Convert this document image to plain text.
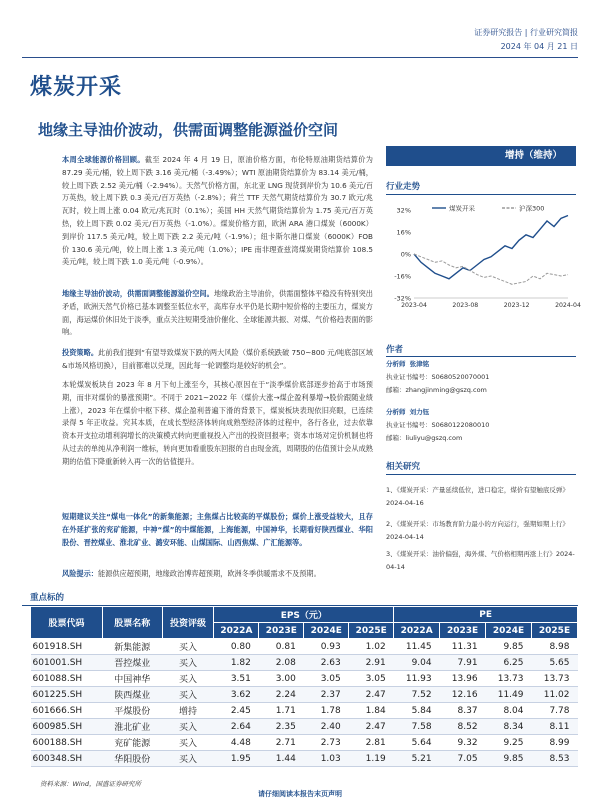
证券研究报告 | 行业研究简报
2024 年 04 月 21 日
煤炭开采
地缘主导油价波动，供需面调整能源溢价空间
本周全球能源价格回顾。截至 2024 年 4 月 19 日，原油价格方面，布伦特原油期货结算价为 87.29 美元/桶，较上周下跌 3.16 美元/桶（-3.49%）；WTI 原油期货结算价为 83.14 美元/桶，较上周下跌 2.52 美元/桶（-2.94%）。天然气价格方面，东北亚 LNG 现货到岸价为 10.6 美元/百万英热，较上周下跌 0.3 美元/百万英热（-2.8%）；荷兰 TTF 天然气期货结算价为 30.7 欧元/兆瓦时，较上周上涨 0.04 欧元/兆瓦时（0.1%）；美国 HH 天然气期货结算价为 1.75 美元/百万英热，较上周下跌 0.02 美元/百万英热（-1.0%）。煤炭价格方面，欧洲 ARA 港口煤炭（6000K）到岸价 117.5 美元/吨，较上周下跌 2.2 美元/吨（-1.9%）；纽卡斯尔港口煤炭（6000K）FOB 价 130.6 美元/吨，较上周上涨 1.3 美元/吨（1.0%）；IPE 南非理查兹湾煤炭期货结算价 108.5 美元/吨，较上周下跌 1.0 美元/吨（-0.9%）。
地缘主导油价波动，供需面调整能源溢价空间。地缘政治主导油价，供需面整体平稳没有特别突出矛盾，欧洲天然气价格已基本调整至低位水平，高库存水平仍是长期中短价格的主要压力，煤炭方面，海运煤价休旧处于淡季，重点关注短期受油价催化、全球能源共振、对煤、气价格趋表面的影响。
投资策略。此前我们提到“有望导致煤炭下跌的两大风险（煤价系统跌破 750~800 元/吨底部区域&市场风格切换），目前都难以兑现，因此每一轮调整均是较好的机会”。
本轮煤炭板块自 2023 年 8 月下旬上涨至今，其核心原因在于“淡季煤价底部逐步抬高于市场预期，而非对煤价的暴涨预期”。不同于 2021~2022 年（煤价大涨→煤企盈利暴增→股价跟随业绩上涨），2023 年在煤价中枢下移、煤企盈利普遍下滑的背景下，煤炭板块表现依旧亮眼，已连续录得 5 年正收益。究其本质，在成长型经济体转向成熟型经济体的过程中，各行各业，过去依靠资本开支拉动增利润增长的决策模式转向更重视投入产出的投资回报率；资本市场对定价机制也将从过去的单纯从净利润一维标，转向更加看重股东回报的自由现金流，周期股的估值预计会从成熟期的估值下降重新转入再一次的估值提升。
短期建议关注“煤电一体化”的新集能源；主焦煤占比较高的平煤股份；煤价上涨受益较大，且存在外延扩张的兖矿能源，中神“煤”的中煤能源，上海能源，中国神华，长期看好陕西煤业、华阳股份、晋控煤业、淮北矿业、潞安环能、山煤国际、山西焦煤、广汇能源等。
风险提示：能源供应超预期，地缘政治博弈超预期，欧洲冬季供暖需求不及预期。
增持（维持）
行业走势
32%
16%
0%
-16%
-32%
2023-04	2023-08	2023-12	2024-04
煤炭开采	沪深300
作者
分析师 张津铭
执业证书编号：S0680520070001
邮箱：zhangjinming@gszq.com
分析师 刘力钰
执业证书编号：S0680122080010
邮箱：liuliyu@gszq.com
相关研究
1、《煤炭开采：产量延续低位，进口稳定，煤价有望触底反弹》2024-04-16
2、《煤炭开采：市场教育阶力最小的方向运行，强期如期上行》2024-04-14
3、《煤炭开采：油价偏强，海外煤、气价格相期再涨上行》2024-04-14
重点标的
股票代码	股票名称	投资评级	EPS（元）				PE			
			2022A	2023E	2024E	2025E	2022A	2023E	2024E	2025E
601918.SH	新集能源	买入	0.80	0.81	0.93	1.02	11.45	11.31	9.85	8.98
601001.SH	晋控煤业	买入	1.82	2.08	2.63	2.91	9.04	7.91	6.25	5.65
601088.SH	中国神华	买入	3.51	3.00	3.05	3.05	11.93	13.96	13.73	13.73
601225.SH	陕西煤业	买入	3.62	2.24	2.37	2.47	7.52	12.16	11.49	11.02
601666.SH	平煤股份	增持	2.45	1.71	1.78	1.84	5.84	8.37	8.04	7.78
600985.SH	淮北矿业	买入	2.64	2.35	2.40	2.47	7.58	8.52	8.34	8.11
600188.SH	兖矿能源	买入	4.48	2.71	2.73	2.81	5.64	9.32	9.25	8.99
600348.SH	华阳股份	买入	1.95	1.44	1.03	1.19	5.21	7.05	9.85	8.53
资料来源：Wind，国盛证券研究所
请仔细阅读本报告末页声明
